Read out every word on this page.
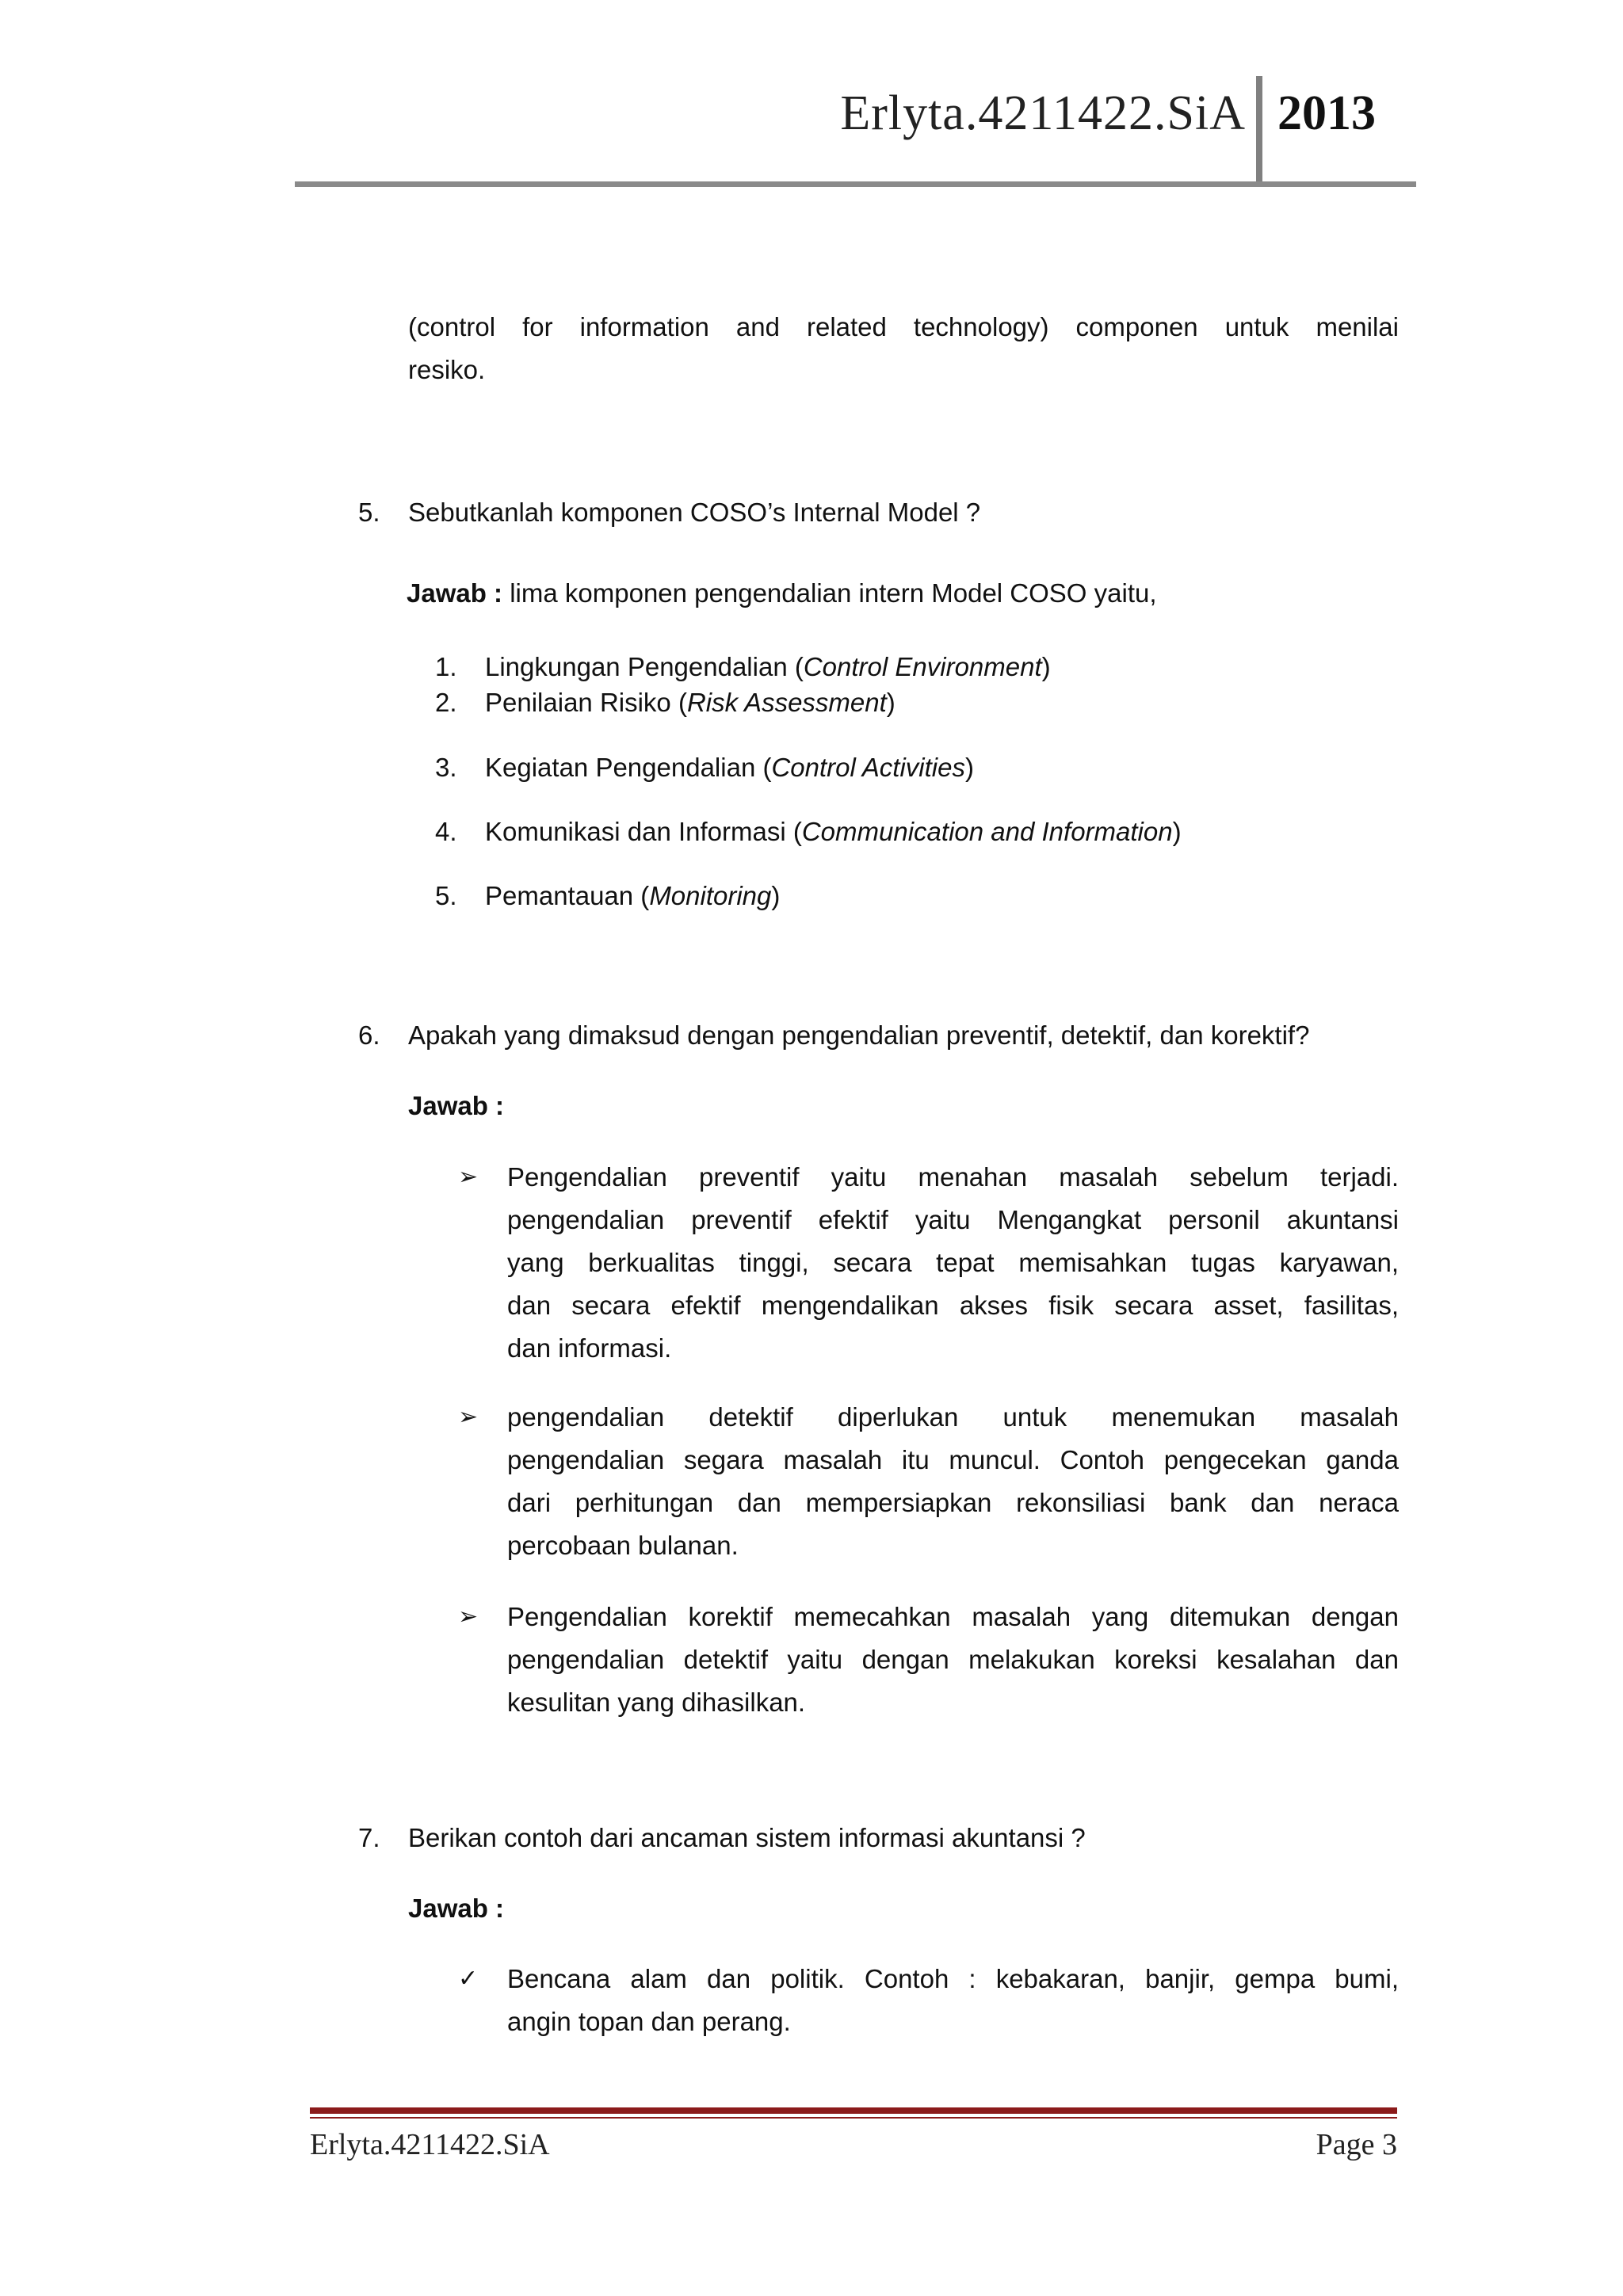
Erlyta.4211422.SiA 2013
(control for information and related technology) componen untuk menilai
resiko.
5. Sebutkanlah komponen COSO’s Internal Model ?
Jawab : lima komponen pengendalian intern Model COSO yaitu,
1. Lingkungan Pengendalian (Control Environment)
2. Penilaian Risiko (Risk Assessment)
3. Kegiatan Pengendalian (Control Activities)
4. Komunikasi dan Informasi (Communication and Information)
5. Pemantauan (Monitoring)
6. Apakah yang dimaksud dengan pengendalian preventif, detektif, dan korektif?
Jawab :
➢ Pengendalian preventif yaitu menahan masalah sebelum terjadi.
pengendalian preventif efektif yaitu Mengangkat personil akuntansi
yang berkualitas tinggi, secara tepat memisahkan tugas karyawan,
dan secara efektif mengendalikan akses fisik secara asset, fasilitas,
dan informasi.
➢ pengendalian detektif diperlukan untuk menemukan masalah
pengendalian segara masalah itu muncul. Contoh pengecekan ganda
dari perhitungan dan mempersiapkan rekonsiliasi bank dan neraca
percobaan bulanan.
➢ Pengendalian korektif memecahkan masalah yang ditemukan dengan
pengendalian detektif yaitu dengan melakukan koreksi kesalahan dan
kesulitan yang dihasilkan.
7. Berikan contoh dari ancaman sistem informasi akuntansi ?
Jawab :
✓ Bencana alam dan politik. Contoh : kebakaran, banjir, gempa bumi,
angin topan dan perang.
Erlyta.4211422.SiA	Page 3
